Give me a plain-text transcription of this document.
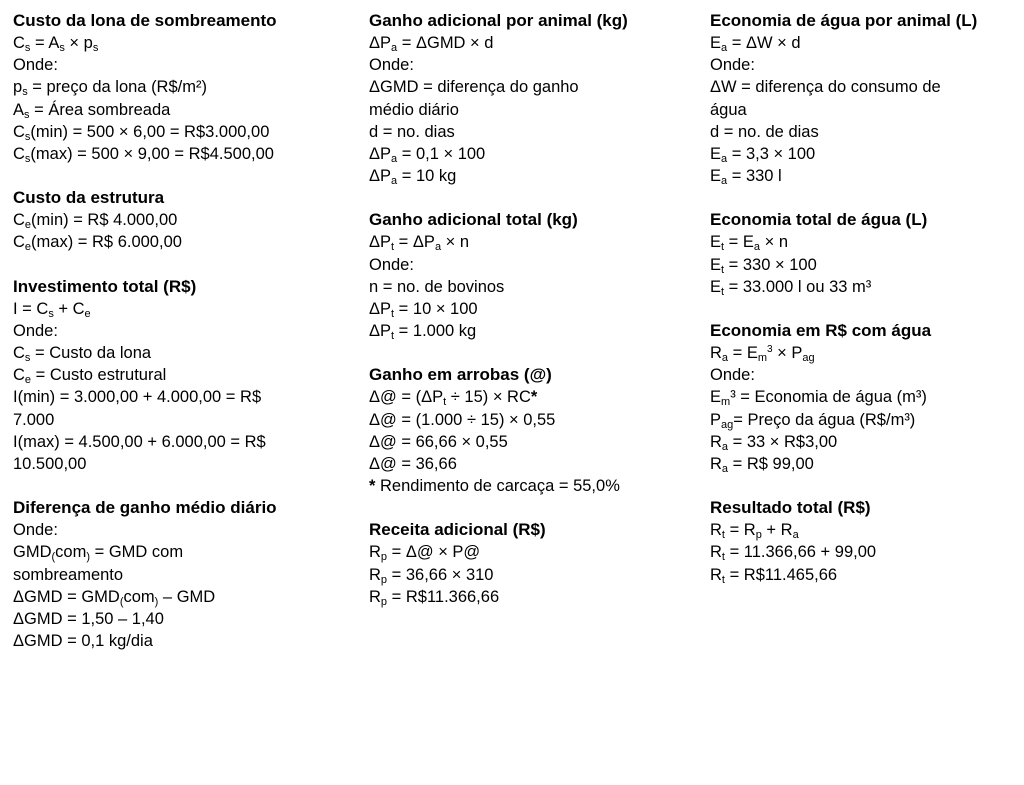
Custo da lona de sombreamento
$C_s = A_s \times p_s$
Onde:
$p_s$ = preço da lona (R$/m²)
$A_s$ = Área sombreada
$C_s(\min) = 500 \times 6,00$ = R$3.000,00
$C_s(\max) = 500 \times 9,00$ = R$4.500,00
Custo da estrutura
$C_e(\min)$ = R$ 4.000,00
$C_e(\max)$ = R$ 6.000,00
Investimento total (R$)
$I = C_s + C_e$
Onde:
$C_s$ = Custo da lona
$C_e$ = Custo estrutural
I(min) = 3.000,00 + 4.000,00 = R$
7.000
I(max) = 4.500,00 + 6.000,00 = R$
10.500,00
Diferença de ganho médio diário
Onde:
$GMD_(com_)$ = GMD com
sombreamento
$\Delta GMD = GMD_(com_)$ – GMD
ΔGMD = 1,50 – 1,40
ΔGMD = 0,1 kg/dia
Ganho adicional por animal (kg)
$\Delta P_a = \Delta GMD \times d$
Onde:
ΔGMD = diferença do ganho
médio diário
d = no. dias
$\Delta P_a = 0,1 \times 100$
$\Delta P_a = 10$ kg
Ganho adicional total (kg)
$\Delta P_t = \Delta P_a \times n$
Onde:
n = no. de bovinos
$\Delta P_t = 10 \times 100$
$\Delta P_t = 1.000$ kg
Ganho em arrobas (@)
Δ@ = $(\Delta P_t \div 15) \times RC*$
Δ@ = (1.000 ÷ 15) × 0,55
Δ@ = 66,66 × 0,55
Δ@ = 36,66
* Rendimento de carcaça = 55,0%
Receita adicional (R$)
$R_p$ = Δ@ × P@
$R_p = 36,66 \times 310$
$R_p$ = R$11.366,66
Economia de água por animal (L)
$E_a = \Delta W \times d$
Onde:
ΔW = diferença do consumo de
água
d = no. de dias
$E_a = 3,3 \times 100$
$E_a = 330$ l
Economia total de água (L)
$E_t = E_a \times n$
$E_t = 330 \times 100$
$E_t = 33.000$ l ou 33 m³
Economia em R$ com água
$R_a = E_m^3 \times P_{ag}$
Onde:
$E_m^3$ = Economia de água (m³)
$P_{ag}=$ Preço da água (R$/m³)
$R_a = 33$ × R$3,00
$R_a$ = R$ 99,00
Resultado total (R$)
$R_t = R_p + R_a$
$R_t = 11.366,66 + 99,00$
$R_t$ = R$11.465,66
